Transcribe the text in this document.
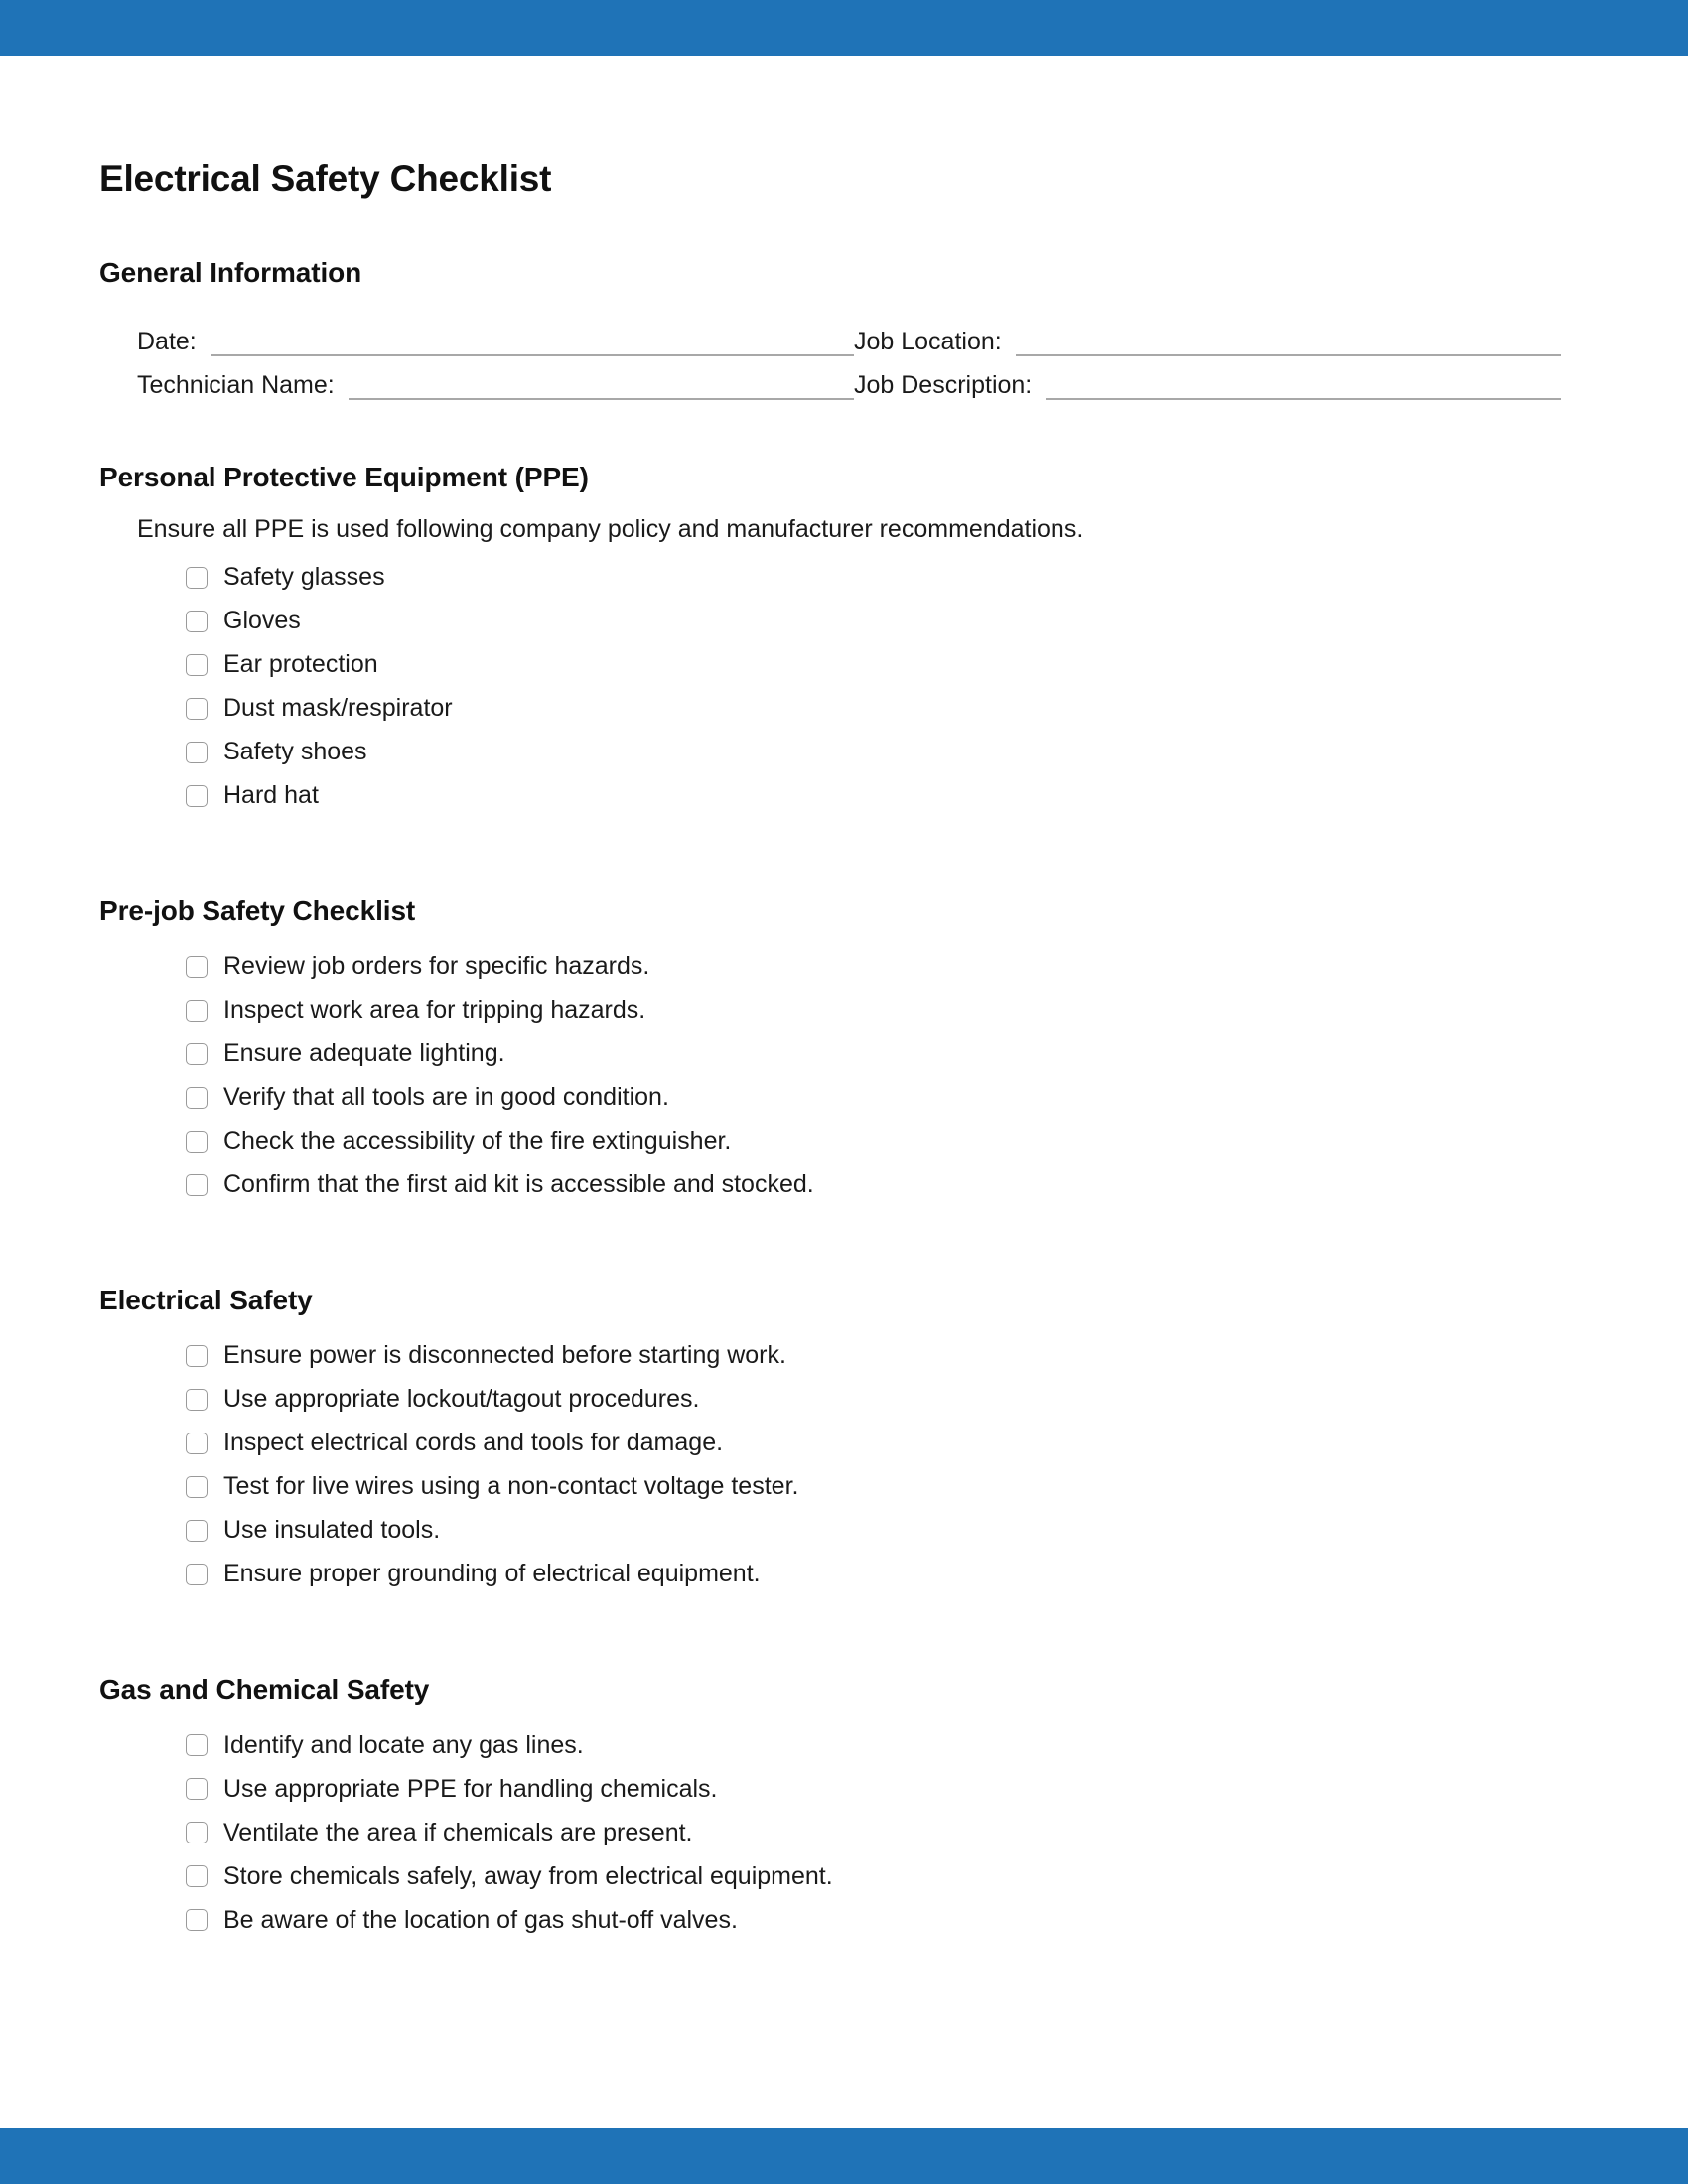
Electrical Safety Checklist
General Information
Date:	Job Location:
Technician Name:	Job Description:
Personal Protective Equipment (PPE)
Ensure all PPE is used following company policy and manufacturer recommendations.
Safety glasses
Gloves
Ear protection
Dust mask/respirator
Safety shoes
Hard hat
Pre-job Safety Checklist
Review job orders for specific hazards.
Inspect work area for tripping hazards.
Ensure adequate lighting.
Verify that all tools are in good condition.
Check the accessibility of the fire extinguisher.
Confirm that the first aid kit is accessible and stocked.
Electrical Safety
Ensure power is disconnected before starting work.
Use appropriate lockout/tagout procedures.
Inspect electrical cords and tools for damage.
Test for live wires using a non-contact voltage tester.
Use insulated tools.
Ensure proper grounding of electrical equipment.
Gas and Chemical Safety
Identify and locate any gas lines.
Use appropriate PPE for handling chemicals.
Ventilate the area if chemicals are present.
Store chemicals safely, away from electrical equipment.
Be aware of the location of gas shut-off valves.
